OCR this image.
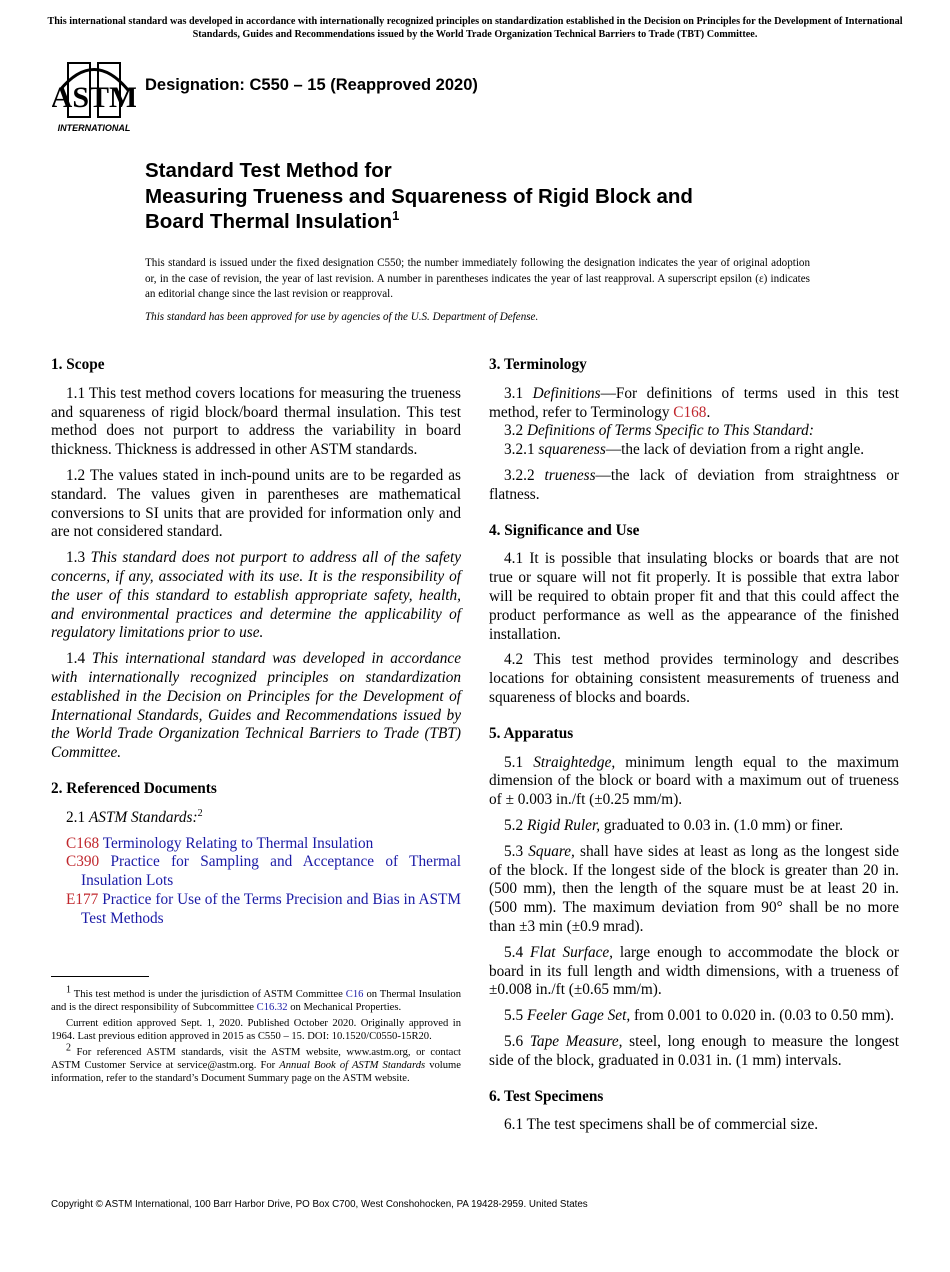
This international standard was developed in accordance with internationally recognized principles on standardization established in the Decision on Principles for the Development of International Standards, Guides and Recommendations issued by the World Trade Organization Technical Barriers to Trade (TBT) Committee.
ASTM
INTERNATIONAL
Designation: C550 – 15 (Reapproved 2020)
Standard Test Method for
Measuring Trueness and Squareness of Rigid Block and
Board Thermal Insulation$^1$
This standard is issued under the fixed designation C550; the number immediately following the designation indicates the year of original adoption or, in the case of revision, the year of last revision. A number in parentheses indicates the year of last reapproval. A superscript epsilon (ε) indicates an editorial change since the last revision or reapproval.
This standard has been approved for use by agencies of the U.S. Department of Defense.
1. Scope

1.1 This test method covers locations for measuring the trueness and squareness of rigid block/board thermal insulation. This test method does not purport to address the variability in board thickness. Thickness is addressed in other ASTM standards.

1.2 The values stated in inch-pound units are to be regarded as standard. The values given in parentheses are mathematical conversions to SI units that are provided for information only and are not considered standard.

1.3 This standard does not purport to address all of the safety concerns, if any, associated with its use. It is the responsibility of the user of this standard to establish appropriate safety, health, and environmental practices and determine the applicability of regulatory limitations prior to use.

1.4 This international standard was developed in accordance with internationally recognized principles on standardization established in the Decision on Principles for the Development of International Standards, Guides and Recommendations issued by the World Trade Organization Technical Barriers to Trade (TBT) Committee.

2. Referenced Documents

2.1 ASTM Standards:$^2$

C168 Terminology Relating to Thermal Insulation

C390 Practice for Sampling and Acceptance of Thermal Insulation Lots

E177 Practice for Use of the Terms Precision and Bias in ASTM Test Methods

1 This test method is under the jurisdiction of ASTM Committee C16 on Thermal Insulation and is the direct responsibility of Subcommittee C16.32 on Mechanical Properties.

Current edition approved Sept. 1, 2020. Published October 2020. Originally approved in 1964. Last previous edition approved in 2015 as C550 – 15. DOI: 10.1520/C0550-15R20.

2 For referenced ASTM standards, visit the ASTM website, www.astm.org, or contact ASTM Customer Service at service@astm.org. For Annual Book of ASTM Standards volume information, refer to the standard’s Document Summary page on the ASTM website.

3. Terminology

3.1 Definitions—For definitions of terms used in this test method, refer to Terminology C168.

3.2 Definitions of Terms Specific to This Standard:

3.2.1 squareness—the lack of deviation from a right angle.

3.2.2 trueness—the lack of deviation from straightness or flatness.

4. Significance and Use

4.1 It is possible that insulating blocks or boards that are not true or square will not fit properly. It is possible that extra labor will be required to obtain proper fit and that this could affect the product performance as well as the appearance of the finished installation.

4.2 This test method provides terminology and describes locations for obtaining consistent measurements of trueness and squareness of blocks and boards.

5. Apparatus

5.1 Straightedge, minimum length equal to the maximum dimension of the block or board with a maximum out of trueness of ± 0.003 in./ft (±0.25 mm/m).

5.2 Rigid Ruler, graduated to 0.03 in. (1.0 mm) or finer.

5.3 Square, shall have sides at least as long as the longest side of the block. If the longest side of the block is greater than 20 in. (500 mm), then the length of the square must be at least 20 in. (500 mm). The maximum deviation from 90° shall be no more than ±3 min (±0.9 mrad).

5.4 Flat Surface, large enough to accommodate the block or board in its full length and width dimensions, with a trueness of ±0.008 in./ft (±0.65 mm/m).

5.5 Feeler Gage Set, from 0.001 to 0.020 in. (0.03 to 0.50 mm).

5.6 Tape Measure, steel, long enough to measure the longest side of the block, graduated in 0.031 in. (1 mm) intervals.

6. Test Specimens

6.1 The test specimens shall be of commercial size.

Copyright © ASTM International, 100 Barr Harbor Drive, PO Box C700, West Conshohocken, PA 19428-2959. United States
